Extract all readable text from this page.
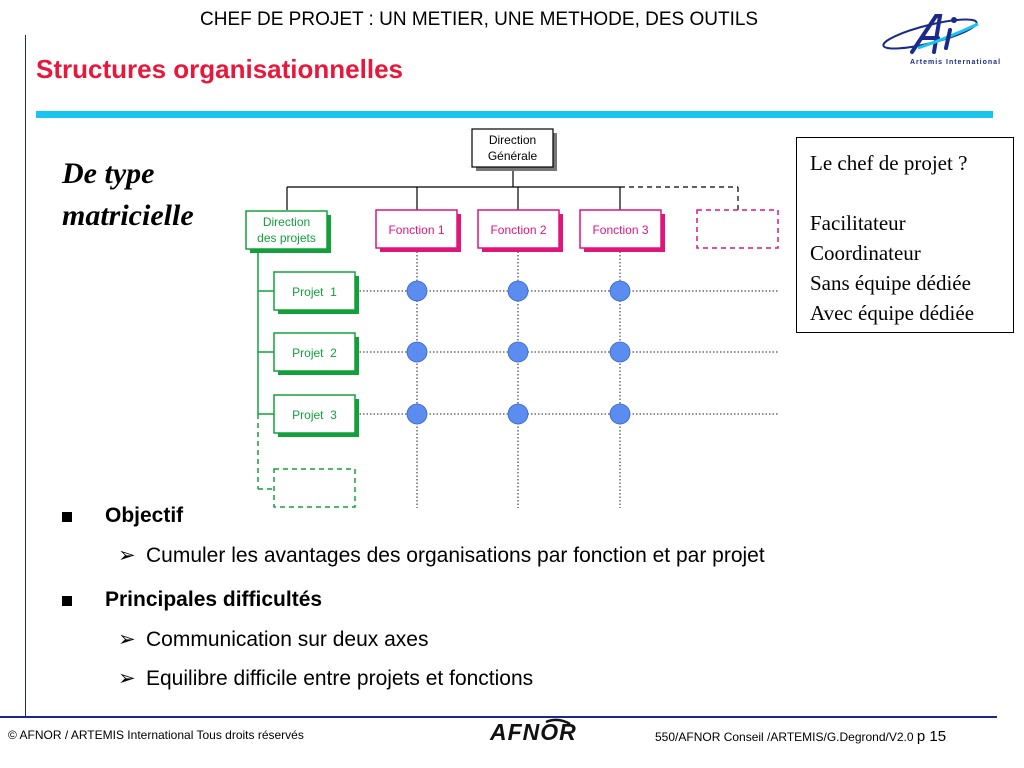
CHEF DE PROJET : UN METIER, UNE METHODE, DES OUTILS
Artemis International
Structures organisationnelles
De type
matricielle
Direction
Générale
Direction
des projets
Fonction 1	Fonction 2	Fonction 3
Projet  1
Projet  2
Projet  3
Le chef de projet ?
Facilitateur
Coordinateur
Sans équipe dédiée
Avec équipe dédiée
Objectif
➢ Cumuler les avantages des organisations par fonction et par projet
Principales difficultés
➢ Communication sur deux axes
➢ Equilibre difficile entre projets et fonctions
© AFNOR / ARTEMIS International Tous droits réservés	AFNOR	550/AFNOR Conseil /ARTEMIS/G.Degrond/V2.0 p 15
